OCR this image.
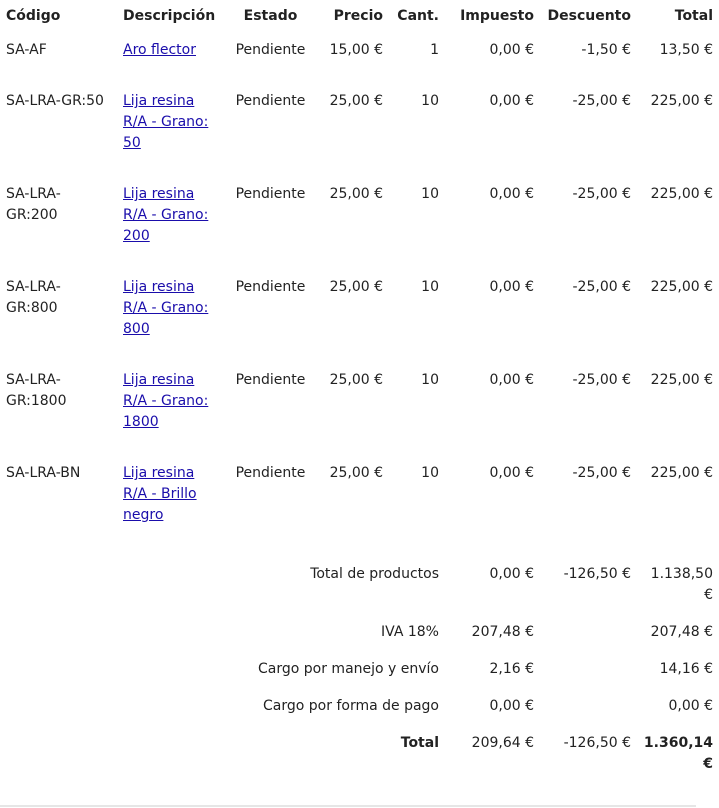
Código	Descripción	Estado	Precio	Cant.	Impuesto	Descuento	Total
SA-AF	Aro flector	Pendiente	15,00 €	1	0,00 €	-1,50 €	13,50 €
SA-LRA-GR:50	Lija resina R/A - Grano: 50	Pendiente	25,00 €	10	0,00 €	-25,00 €	225,00 €
SA-LRA-GR:200	Lija resina R/A - Grano: 200	Pendiente	25,00 €	10	0,00 €	-25,00 €	225,00 €
SA-LRA-GR:800	Lija resina R/A - Grano: 800	Pendiente	25,00 €	10	0,00 €	-25,00 €	225,00 €
SA-LRA-GR:1800	Lija resina R/A - Grano: 1800	Pendiente	25,00 €	10	0,00 €	-25,00 €	225,00 €
SA-LRA-BN	Lija resina R/A - Brillo negro	Pendiente	25,00 €	10	0,00 €	-25,00 €	225,00 €

Total de productos					0,00 €	-126,50 €	1.138,50 €
IVA 18%					207,48 €		207,48 €
Cargo por manejo y envío					2,16 €		14,16 €
Cargo por forma de pago					0,00 €		0,00 €
Total					209,64 €	-126,50 €	1.360,14 €
